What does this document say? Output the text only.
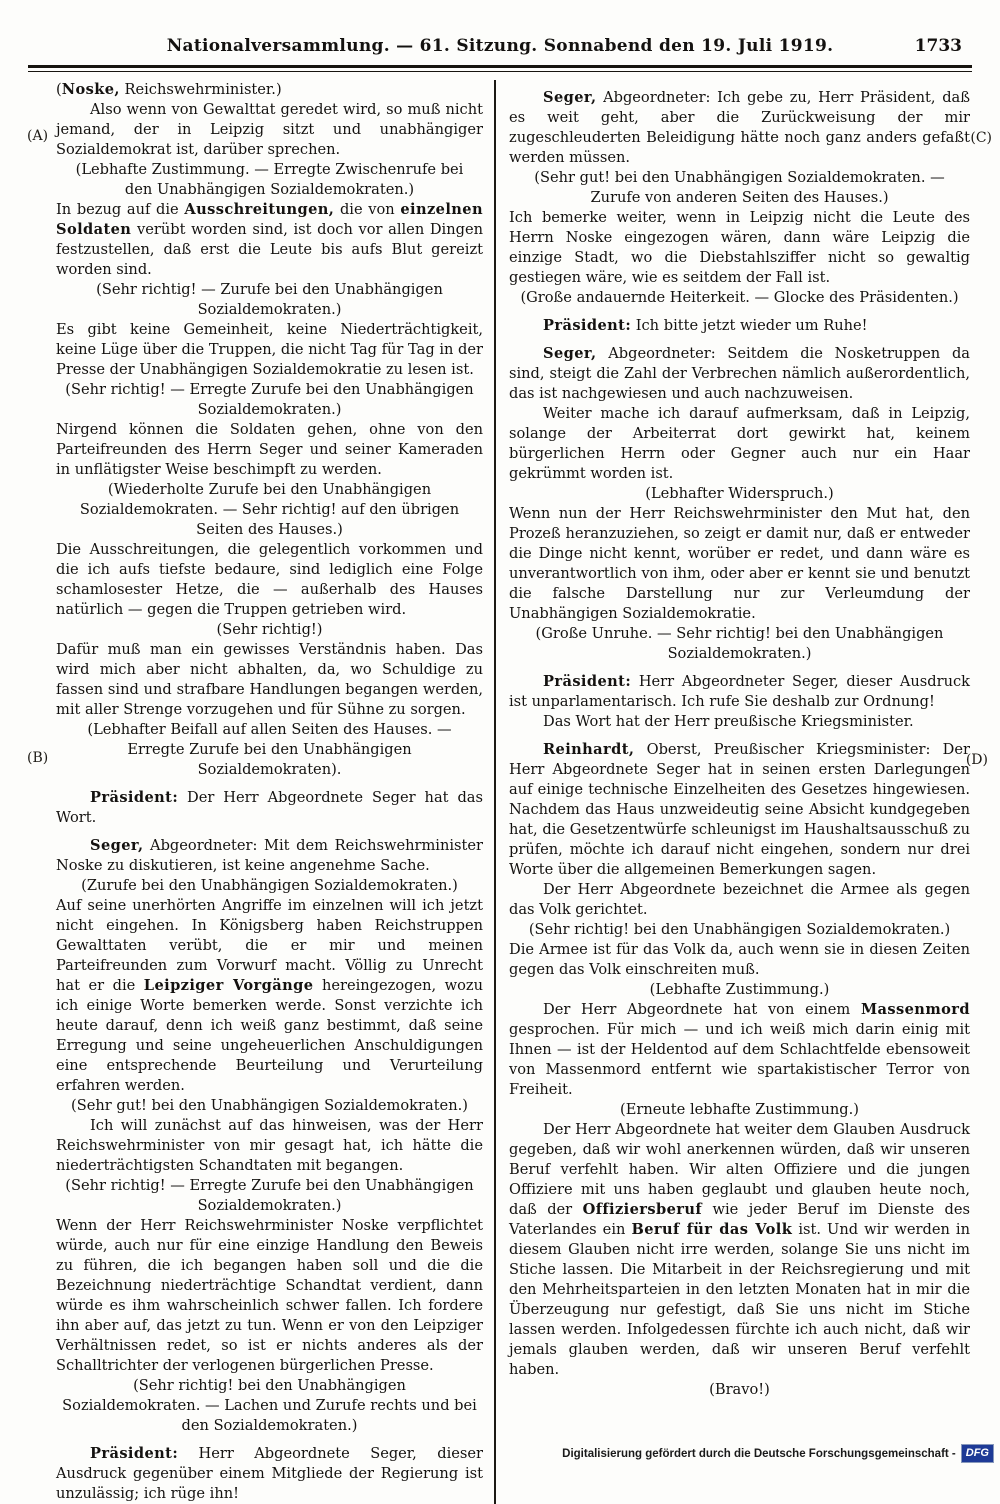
Nationalversammlung. — 61. Sitzung. Sonnabend den 19. Juli 1919.	1733
(A)
(B)
(C)
(D)

(Noske, Reichswehrminister.)

Also wenn von Gewalttat geredet wird, so muß nicht jemand, der in Leipzig sitzt und unabhängiger Sozialdemokrat ist, darüber sprechen.

(Lebhafte Zustimmung. — Erregte Zwischenrufe bei den Unabhängigen Sozialdemokraten.)

In bezug auf die Ausschreitungen, die von einzelnen Soldaten verübt worden sind, ist doch vor allen Dingen festzustellen, daß erst die Leute bis aufs Blut gereizt worden sind.

(Sehr richtig! — Zurufe bei den Unabhängigen Sozialdemokraten.)

Es gibt keine Gemeinheit, keine Niederträchtigkeit, keine Lüge über die Truppen, die nicht Tag für Tag in der Presse der Unabhängigen Sozialdemokratie zu lesen ist.

(Sehr richtig! — Erregte Zurufe bei den Unabhängigen Sozialdemokraten.)

Nirgend können die Soldaten gehen, ohne von den Parteifreunden des Herrn Seger und seiner Kameraden in unflätigster Weise beschimpft zu werden.

(Wiederholte Zurufe bei den Unabhängigen Sozialdemokraten. — Sehr richtig! auf den übrigen Seiten des Hauses.)

Die Ausschreitungen, die gelegentlich vorkommen und die ich aufs tiefste bedaure, sind lediglich eine Folge schamlosester Hetze, die — außerhalb des Hauses natürlich — gegen die Truppen getrieben wird.

(Sehr richtig!)

Dafür muß man ein gewisses Verständnis haben. Das wird mich aber nicht abhalten, da, wo Schuldige zu fassen sind und strafbare Handlungen begangen werden, mit aller Strenge vorzugehen und für Sühne zu sorgen.

(Lebhafter Beifall auf allen Seiten des Hauses. — Erregte Zurufe bei den Unabhängigen Sozialdemokraten).

Präsident: Der Herr Abgeordnete Seger hat das Wort.

Seger, Abgeordneter: Mit dem Reichswehrminister Noske zu diskutieren, ist keine angenehme Sache.

(Zurufe bei den Unabhängigen Sozialdemokraten.)

Auf seine unerhörten Angriffe im einzelnen will ich jetzt nicht eingehen. In Königsberg haben Reichstruppen Gewalttaten verübt, die er mir und meinen Parteifreunden zum Vorwurf macht. Völlig zu Unrecht hat er die Leipziger Vorgänge hereingezogen, wozu ich einige Worte bemerken werde. Sonst verzichte ich heute darauf, denn ich weiß ganz bestimmt, daß seine Erregung und seine ungeheuerlichen Anschuldigungen eine entsprechende Beurteilung und Verurteilung erfahren werden.

(Sehr gut! bei den Unabhängigen Sozialdemokraten.)

Ich will zunächst auf das hinweisen, was der Herr Reichswehrminister von mir gesagt hat, ich hätte die niederträchtigsten Schandtaten mit begangen.

(Sehr richtig! — Erregte Zurufe bei den Unabhängigen Sozialdemokraten.)

Wenn der Herr Reichswehrminister Noske verpflichtet würde, auch nur für eine einzige Handlung den Beweis zu führen, die ich begangen haben soll und die die Bezeichnung niederträchtige Schandtat verdient, dann würde es ihm wahrscheinlich schwer fallen. Ich fordere ihn aber auf, das jetzt zu tun. Wenn er von den Leipziger Verhältnissen redet, so ist er nichts anderes als der Schalltrichter der verlogenen bürgerlichen Presse.

(Sehr richtig! bei den Unabhängigen Sozialdemokraten. — Lachen und Zurufe rechts und bei den Sozialdemokraten.)

Präsident: Herr Abgeordnete Seger, dieser Ausdruck gegenüber einem Mitgliede der Regierung ist unzulässig; ich rüge ihn!

Seger, Abgeordneter: Ich gebe zu, Herr Präsident, daß es weit geht, aber die Zurückweisung der mir zugeschleuderten Beleidigung hätte noch ganz anders gefaßt werden müssen.

(Sehr gut! bei den Unabhängigen Sozialdemokraten. — Zurufe von anderen Seiten des Hauses.)

Ich bemerke weiter, wenn in Leipzig nicht die Leute des Herrn Noske eingezogen wären, dann wäre Leipzig die einzige Stadt, wo die Diebstahlsziffer nicht so gewaltig gestiegen wäre, wie es seitdem der Fall ist.

(Große andauernde Heiterkeit. — Glocke des Präsidenten.)

Präsident: Ich bitte jetzt wieder um Ruhe!

Seger, Abgeordneter: Seitdem die Nosketruppen da sind, steigt die Zahl der Verbrechen nämlich außerordentlich, das ist nachgewiesen und auch nachzuweisen.

Weiter mache ich darauf aufmerksam, daß in Leipzig, solange der Arbeiterrat dort gewirkt hat, keinem bürgerlichen Herrn oder Gegner auch nur ein Haar gekrümmt worden ist.

(Lebhafter Widerspruch.)

Wenn nun der Herr Reichswehrminister den Mut hat, den Prozeß heranzuziehen, so zeigt er damit nur, daß er entweder die Dinge nicht kennt, worüber er redet, und dann wäre es unverantwortlich von ihm, oder aber er kennt sie und benutzt die falsche Darstellung nur zur Verleumdung der Unabhängigen Sozialdemokratie.

(Große Unruhe. — Sehr richtig! bei den Unabhängigen Sozialdemokraten.)

Präsident: Herr Abgeordneter Seger, dieser Ausdruck ist unparlamentarisch. Ich rufe Sie deshalb zur Ordnung!

Das Wort hat der Herr preußische Kriegsminister.

Reinhardt, Oberst, Preußischer Kriegsminister: Der Herr Abgeordnete Seger hat in seinen ersten Darlegungen auf einige technische Einzelheiten des Gesetzes hingewiesen. Nachdem das Haus unzweideutig seine Absicht kundgegeben hat, die Gesetzentwürfe schleunigst im Haushaltsausschuß zu prüfen, möchte ich darauf nicht eingehen, sondern nur drei Worte über die allgemeinen Bemerkungen sagen.

Der Herr Abgeordnete bezeichnet die Armee als gegen das Volk gerichtet.

(Sehr richtig! bei den Unabhängigen Sozialdemokraten.)

Die Armee ist für das Volk da, auch wenn sie in diesen Zeiten gegen das Volk einschreiten muß.

(Lebhafte Zustimmung.)

Der Herr Abgeordnete hat von einem Massenmord gesprochen. Für mich — und ich weiß mich darin einig mit Ihnen — ist der Heldentod auf dem Schlachtfelde ebensoweit von Massenmord entfernt wie spartakistischer Terror von Freiheit.

(Erneute lebhafte Zustimmung.)

Der Herr Abgeordnete hat weiter dem Glauben Ausdruck gegeben, daß wir wohl anerkennen würden, daß wir unseren Beruf verfehlt haben. Wir alten Offiziere und die jungen Offiziere mit uns haben geglaubt und glauben heute noch, daß der Offiziersberuf wie jeder Beruf im Dienste des Vaterlandes ein Beruf für das Volk ist. Und wir werden in diesem Glauben nicht irre werden, solange Sie uns nicht im Stiche lassen. Die Mitarbeit in der Reichsregierung und mit den Mehrheitsparteien in den letzten Monaten hat in mir die Überzeugung nur gefestigt, daß Sie uns nicht im Stiche lassen werden. Infolgedessen fürchte ich auch nicht, daß wir jemals glauben werden, daß wir unseren Beruf verfehlt haben.

(Bravo!)

Digitalisierung gefördert durch die Deutsche Forschungsgemeinschaft - DFG
